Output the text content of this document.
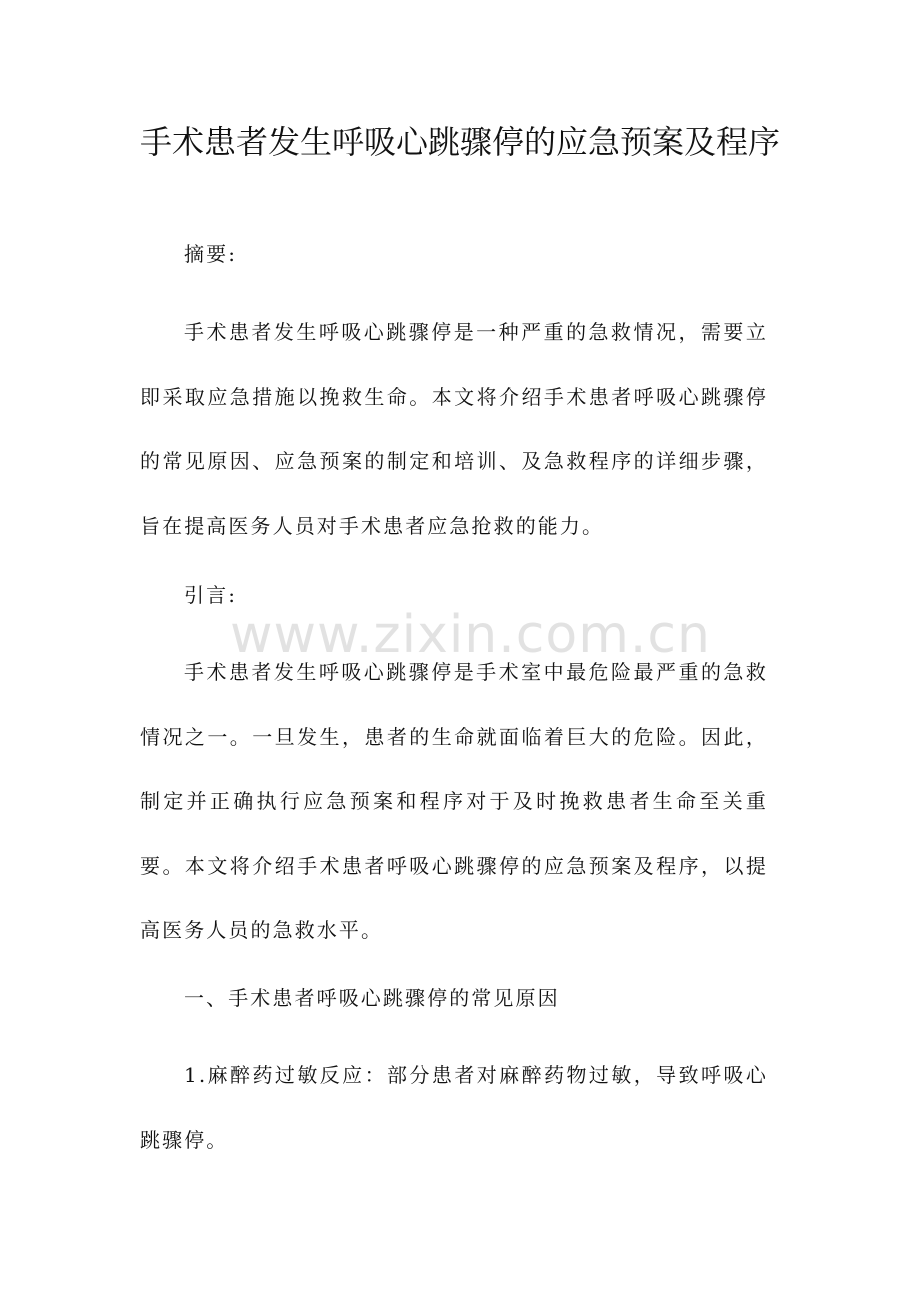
手术患者发生呼吸心跳骤停的应急预案及程序

摘要:

手术患者发生呼吸心跳骤停是一种严重的急救情况，需要立即采取应急措施以挽救生命。本文将介绍手术患者呼吸心跳骤停的常见原因、应急预案的制定和培训、及急救程序的详细步骤，旨在提高医务人员对手术患者应急抢救的能力。

引言:

手术患者发生呼吸心跳骤停是手术室中最危险最严重的急救情况之一。一旦发生，患者的生命就面临着巨大的危险。因此，制定并正确执行应急预案和程序对于及时挽救患者生命至关重要。本文将介绍手术患者呼吸心跳骤停的应急预案及程序，以提高医务人员的急救水平。

一、手术患者呼吸心跳骤停的常见原因

1.麻醉药过敏反应：部分患者对麻醉药物过敏，导致呼吸心跳骤停。

www.zixin.com.cn
